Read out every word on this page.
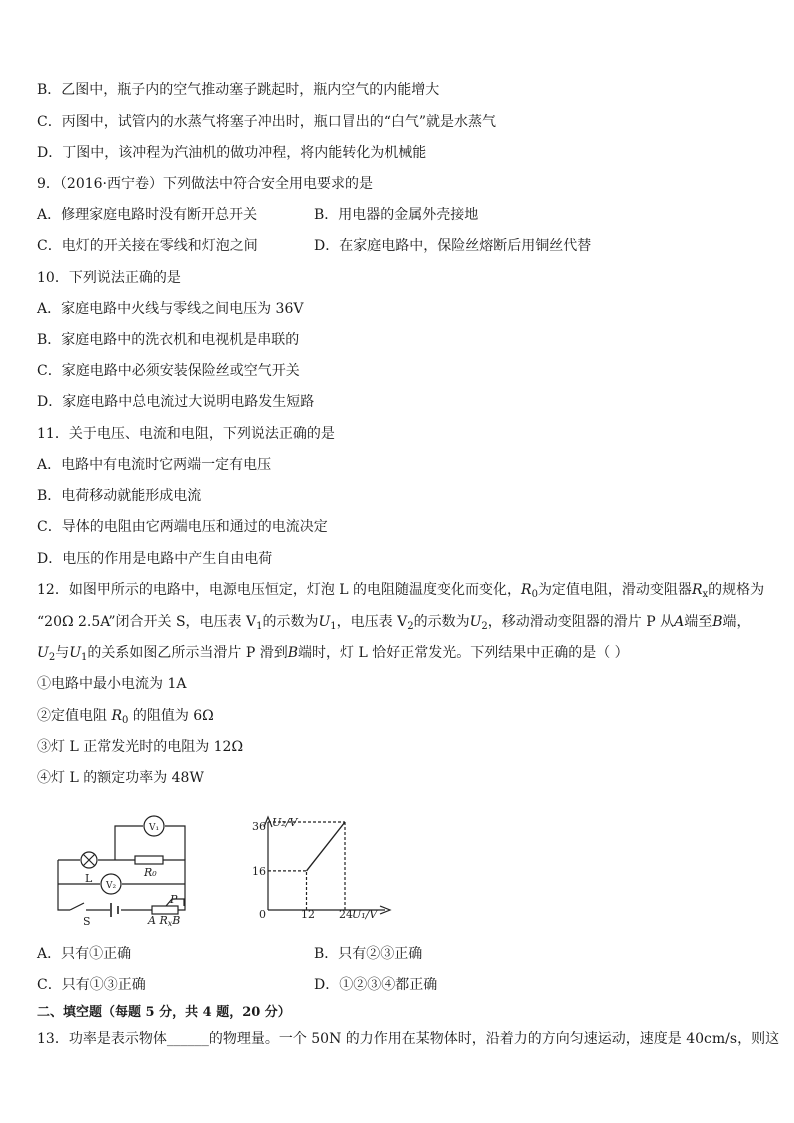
B．乙图中，瓶子内的空气推动塞子跳起时，瓶内空气的内能增大
C．丙图中，试管内的水蒸气将塞子冲出时，瓶口冒出的“白气”就是水蒸气
D．丁图中，该冲程为汽油机的做功冲程，将内能转化为机械能
9．（2016·西宁卷）下列做法中符合安全用电要求的是
A．修理家庭电路时没有断开总开关	B．用电器的金属外壳接地
C．电灯的开关接在零线和灯泡之间	D．在家庭电路中，保险丝熔断后用铜丝代替
10．下列说法正确的是
A．家庭电路中火线与零线之间电压为 36V
B．家庭电路中的洗衣机和电视机是串联的
C．家庭电路中必须安装保险丝或空气开关
D．家庭电路中总电流过大说明电路发生短路
11．关于电压、电流和电阻，下列说法正确的是
A．电路中有电流时它两端一定有电压
B．电荷移动就能形成电流
C．导体的电阻由它两端电压和通过的电流决定
D．电压的作用是电路中产生自由电荷
12．如图甲所示的电路中，电源电压恒定，灯泡 L 的电阻随温度变化而变化，$R_0$为定值电阻，滑动变阻器$R_x$的规格为
“20Ω 2.5A”闭合开关 S，电压表 $V_1$的示数为$U_1$，电压表 $V_2$的示数为$U_2$，移动滑动变阻器的滑片 P 从A端至B端，
$U_2$与$U_1$的关系如图乙所示当滑片 P 滑到B端时，灯 L 恰好正常发光。下列结果中正确的是（ ）
①电路中最小电流为 1A
②定值电阻 $R_0$ 的阻值为 6Ω
③灯 L 正常发光时的电阻为 12Ω
④灯 L 的额定功率为 48W
V₁
V₂
L	R₀
S
P
A RxB
U₂/V
U₁/V
0
36
16
12 24
A．只有①正确	B．只有②③正确
C．只有①③正确	D．①②③④都正确
二、填空题（每题 5 分，共 4 题，20 分）
13．功率是表示物体______的物理量。一个 50N 的力作用在某物体时，沿着力的方向匀速运动，速度是 40cm/s，则这
